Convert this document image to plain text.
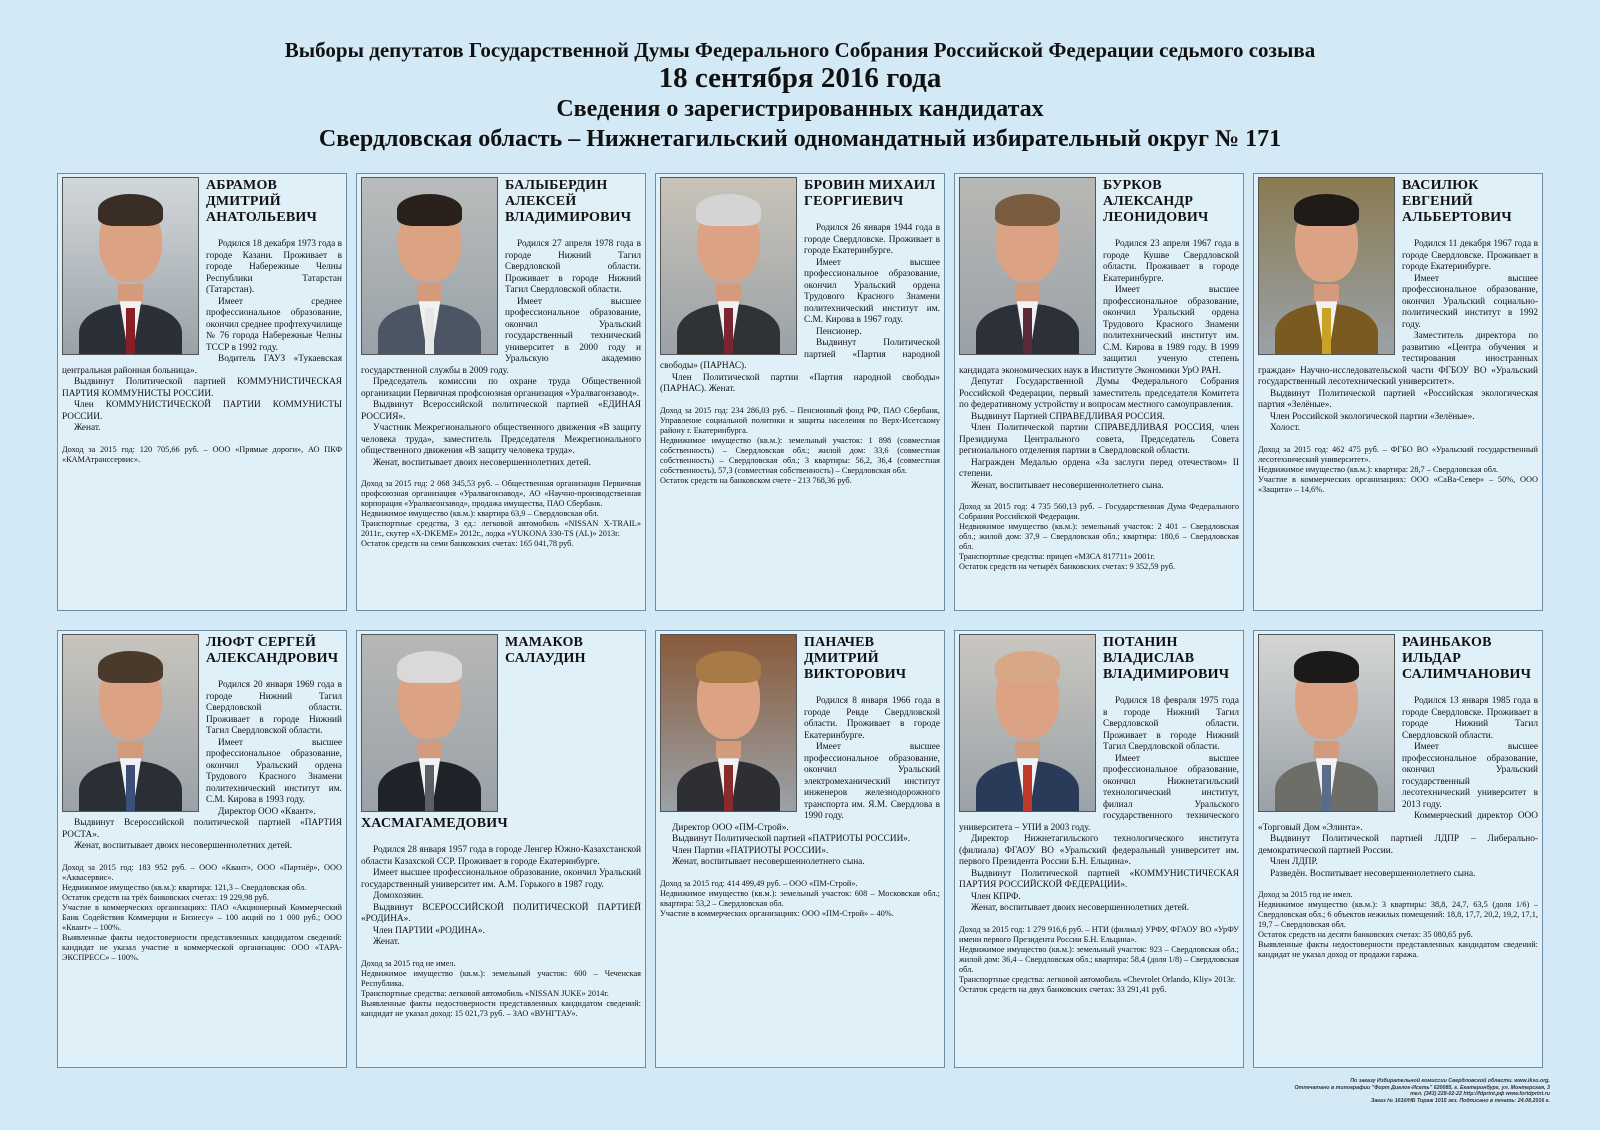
Выборы депутатов Государственной Думы Федерального Собрания Российской Федерации седьмого созыва
18 сентября 2016 года
Сведения о зарегистрированных кандидатах
Свердловская область – Нижнетагильский одномандатный избирательный округ № 171
АБРАМОВ ДМИТРИЙ АНАТОЛЬЕВИЧ

Родился 18 декабря 1973 года в городе Казани. Проживает в городе Набережные Челны Республики Татарстан (Татарстан).

Имеет среднее профессиональное образование, окончил среднее профтехучилище № 76 города Набережные Челны ТССР в 1992 году.

Водитель ГАУЗ «Тукаевская центральная районная больница».

Выдвинут Политической партией КОММУНИСТИЧЕСКАЯ ПАРТИЯ КОММУНИСТЫ РОССИИ.

Член КОММУНИСТИЧЕСКОЙ ПАРТИИ КОММУНИСТЫ РОССИИ.

Женат.

Доход за 2015 год: 120 705,66 руб. – ООО «Прямые дороги», АО ПКФ «КАМАтранссервис».

БАЛЫБЕРДИН АЛЕКСЕЙ ВЛАДИМИРОВИЧ

Родился 27 апреля 1978 года в городе Нижний Тагил Свердловской области. Проживает в городе Нижний Тагил Свердловской области.

Имеет высшее профессиональное образование, окончил Уральский государственный технический университет в 2000 году и Уральскую академию государственной службы в 2009 году.

Председатель комиссии по охране труда Общественной организации Первичная профсоюзная организация «Уралвагонзавод».

Выдвинут Всероссийской политической партией «ЕДИНАЯ РОССИЯ».

Участник Межрегионального общественного движения «В защиту человека труда», заместитель Председателя Межрегионального общественного движения «В защиту человека труда».

Женат, воспитывает двоих несовершеннолетних детей.

Доход за 2015 год: 2 068 345,53 руб. – Общественная организация Первичная профсоюзная организация «Уралвагонзавод», АО «Научно-производственная корпорация «Уралвагонзавод», продажа имущества, ПАО Сбербанк.

Недвижимое имущество (кв.м.): квартира 63,9 – Свердловская обл.

Транспортные средства, 3 ед.: легковой автомобиль «NISSAN X-TRAIL» 2011г., скутер «X-DKEME» 2012г., лодка «YUKONA 330-TS (AL)» 2013г.

Остаток средств на семи банковских счетах: 165 041,78 руб.

БРОВИН МИХАИЛ ГЕОРГИЕВИЧ

Родился 26 января 1944 года в городе Свердловске. Проживает в городе Екатеринбурге.

Имеет высшее профессиональное образование, окончил Уральский ордена Трудового Красного Знамени политехнический институт им. С.М. Кирова в 1967 году.

Пенсионер.

Выдвинут Политической партией «Партия народной свободы» (ПАРНАС).

Член Политической партии «Партия народной свободы» (ПАРНАС). Женат.

Доход за 2015 год: 234 286,03 руб. – Пенсионный фонд РФ, ПАО Сбербанк, Управление социальной политики и защиты населения по Верх-Исетскому району г. Екатеринбурга.

Недвижимое имущество (кв.м.): земельный участок: 1 898 (совместная собственность) – Свердловская обл.; жилой дом: 33,6 (совместная собственность) – Свердловская обл.; 3 квартиры: 56,2, 36,4 (совместная собственность), 57,3 (совместная собственность) – Свердловская обл.

Остаток средств на банковском счете - 213 768,36 руб.

БУРКОВ АЛЕКСАНДР ЛЕОНИДОВИЧ

Родился 23 апреля 1967 года в городе Кушве Свердловской области. Проживает в городе Екатеринбурге.

Имеет высшее профессиональное образование, окончил Уральский ордена Трудового Красного Знамени политехнический институт им. С.М. Кирова в 1989 году. В 1999 защитил ученую степень кандидата экономических наук в Институте Экономики УрО РАН.

Депутат Государственной Думы Федерального Собрания Российской Федерации, первый заместитель председателя Комитета по федеративному устройству и вопросам местного самоуправления.

Выдвинут Партией СПРАВЕДЛИВАЯ РОССИЯ.

Член Политической партии СПРАВЕДЛИВАЯ РОССИЯ, член Президиума Центрального совета, Председатель Совета регионального отделения партии в Свердловской области.

Награжден Медалью ордена «За заслуги перед отечеством» II степени.

Женат, воспитывает несовершеннолетнего сына.

Доход за 2015 год: 4 735 560,13 руб. – Государственная Дума Федерального Собрания Российской Федерации.

Недвижимое имущество (кв.м.): земельный участок: 2 401 – Свердловская обл.; жилой дом: 37,9 – Свердловская обл.; квартира: 180,6 – Свердловская обл.

Транспортные средства: прицеп «МЗСА 817711» 2001г.

Остаток средств на четырёх банковских счетах: 9 352,59 руб.

ВАСИЛЮК ЕВГЕНИЙ АЛЬБЕРТОВИЧ

Родился 11 декабря 1967 года в городе Свердловске. Проживает в городе Екатеринбурге.

Имеет высшее профессиональное образование, окончил Уральский социально-политический институт в 1992 году.

Заместитель директора по развитию «Центра обучения и тестирования иностранных граждан» Научно-исследовательской части ФГБОУ ВО «Уральский государственный лесотехнический университет».

Выдвинут Политической партией «Российская экологическая партия «Зелёные».

Член Российской экологической партии «Зелёные».

Холост.

Доход за 2015 год: 462 475 руб. – ФГБО ВО «Уральский государственный лесотехнический университет».

Недвижимое имущество (кв.м.): квартира: 28,7 – Свердловская обл.

Участие в коммерческих организациях: ООО «СаВа-Север» – 50%, ООО «Защита» – 14,6%.

ЛЮФТ СЕРГЕЙ АЛЕКСАНДРОВИЧ

Родился 20 января 1969 года в городе Нижний Тагил Свердловской области. Проживает в городе Нижний Тагил Свердловской области.

Имеет высшее профессиональное образование, окончил Уральский ордена Трудового Красного Знамени политехнический институт им. С.М. Кирова в 1993 году.

Директор ООО «Квант».

Выдвинут Всероссийской политической партией «ПАРТИЯ РОСТА».

Женат, воспитывает двоих несовершеннолетних детей.

Доход за 2015 год: 183 952 руб. – ООО «Квант», ООО «Партнёр», ООО «Аквасервис».

Недвижимое имущество (кв.м.): квартира: 121,3 – Свердловская обл.

Остаток средств на трёх банковских счетах: 19 229,98 руб.

Участие в коммерческих организациях: ПАО «Акционерный Коммерческий Банк Содействия Коммерции и Бизнесу» – 100 акций по 1 000 руб.; ООО «Квант» – 100%.

Выявленные факты недостоверности представленных кандидатом сведений: кандидат не указал участие в коммерческой организации: ООО «ТАРА-ЭКСПРЕСС» – 100%.

МАМАКОВ САЛАУДИН ХАСМАГАМЕДОВИЧ

Родился 28 января 1957 года в городе Ленгер Южно-Казахстанской области Казахской ССР. Проживает в городе Екатеринбурге.

Имеет высшее профессиональное образование, окончил Уральский государственный университет им. А.М. Горького в 1987 году.

Домохозяин.

Выдвинут ВСЕРОССИЙСКОЙ ПОЛИТИЧЕСКОЙ ПАРТИЕЙ «РОДИНА».

Член ПАРТИИ «РОДИНА».

Женат.

Доход за 2015 год не имел.

Недвижимое имущество (кв.м.): земельный участок: 600 – Чеченская Республика.

Транспортные средства: легковой автомобиль «NISSAN JUKE» 2014г.

Выявленные факты недостоверности представленных кандидатом сведений: кандидат не указал доход: 15 021,73 руб. – ЗАО «ВУНГТАУ».

ПАНАЧЕВ ДМИТРИЙ ВИКТОРОВИЧ

Родился 8 января 1966 года в городе Ревде Свердловской области. Проживает в городе Екатеринбурге.

Имеет высшее профессиональное образование, окончил Уральский электромеханический институт инженеров железнодорожного транспорта им. Я.М. Свердлова в 1990 году.

Директор ООО «ПМ-Строй».

Выдвинут Политической партией «ПАТРИОТЫ РОССИИ».

Член Партии «ПАТРИОТЫ РОССИИ».

Женат, воспитывает несовершеннолетнего сына.

Доход за 2015 год: 414 499,49 руб. – ООО «ПМ-Строй».

Недвижимое имущество (кв.м.): земельный участок: 608 – Московская обл.; квартира: 53,2 – Свердловская обл.

Участие в коммерческих организациях: ООО «ПМ-Строй» – 40%.

ПОТАНИН ВЛАДИСЛАВ ВЛАДИМИРОВИЧ

Родился 18 февраля 1975 года в городе Нижний Тагил Свердловской области. Проживает в городе Нижний Тагил Свердловской области.

Имеет высшее профессиональное образование, окончил Нижнетагильский технологический институт, филиал Уральского государственного технического университета – УПИ в 2003 году.

Директор Нижнетагильского технологического института (филиала) ФГАОУ ВО «Уральский федеральный университет им. первого Президента России Б.Н. Ельцина».

Выдвинут Политической партией «КОММУНИСТИЧЕСКАЯ ПАРТИЯ РОССИЙСКОЙ ФЕДЕРАЦИИ».

Член КПРФ.

Женат, воспитывает двоих несовершеннолетних детей.

Доход за 2015 год: 1 279 916,6 руб. – НТИ (филиал) УРФУ, ФГАОУ ВО «УрФУ имени первого Президента России Б.Н. Ельцина».

Недвижимое имущество (кв.м.): земельный участок: 923 – Свердловская обл.; жилой дом: 36,4 – Свердловская обл.; квартира: 58,4 (доля 1/8) – Свердловская обл.

Транспортные средства: легковой автомобиль «Chevrolet Orlando, Kliy» 2013г.

Остаток средств на двух банковских счетах: 33 291,41 руб.

РАИНБАКОВ ИЛЬДАР САЛИМЧАНОВИЧ

Родился 13 января 1985 года в городе Свердловске. Проживает в городе Нижний Тагил Свердловской области.

Имеет высшее профессиональное образование, окончил Уральский государственный лесотехнический университет в 2013 году.

Коммерческий директор ООО «Торговый Дом «Элинта».

Выдвинут Политической партией ЛДПР – Либерально-демократической партией России.

Член ЛДПР.

Разведён. Воспитывает несовершеннолетнего сына.

Доход за 2015 год не имел.

Недвижимое имущество (кв.м.): 3 квартиры: 38,8, 24,7, 63,5 (доля 1/6) – Свердловская обл.; 6 объектов нежилых помещений: 18,8, 17,7, 20,2, 19,2, 17,1, 19,7 – Свердловская обл.

Остаток средств на десяти банковских счетах: 35 080,65 руб.

Выявленные факты недостоверности представленных кандидатом сведений: кандидат не указал доход от продажи гаража.

По заказу Избирательной комиссии Свердловской области. www.ikso.org.
Отпечатано в типографии "Форт Диалог-Исеть" 620085, г. Екатеринбург, ул. Монтерская, 3
тел. (343) 228-02-22 http://fdprint.рф www.fortdprint.ru
Заказ № 1610/НБ Тираж 1015 экз. Подписано в печать: 24.08.2016 г.
